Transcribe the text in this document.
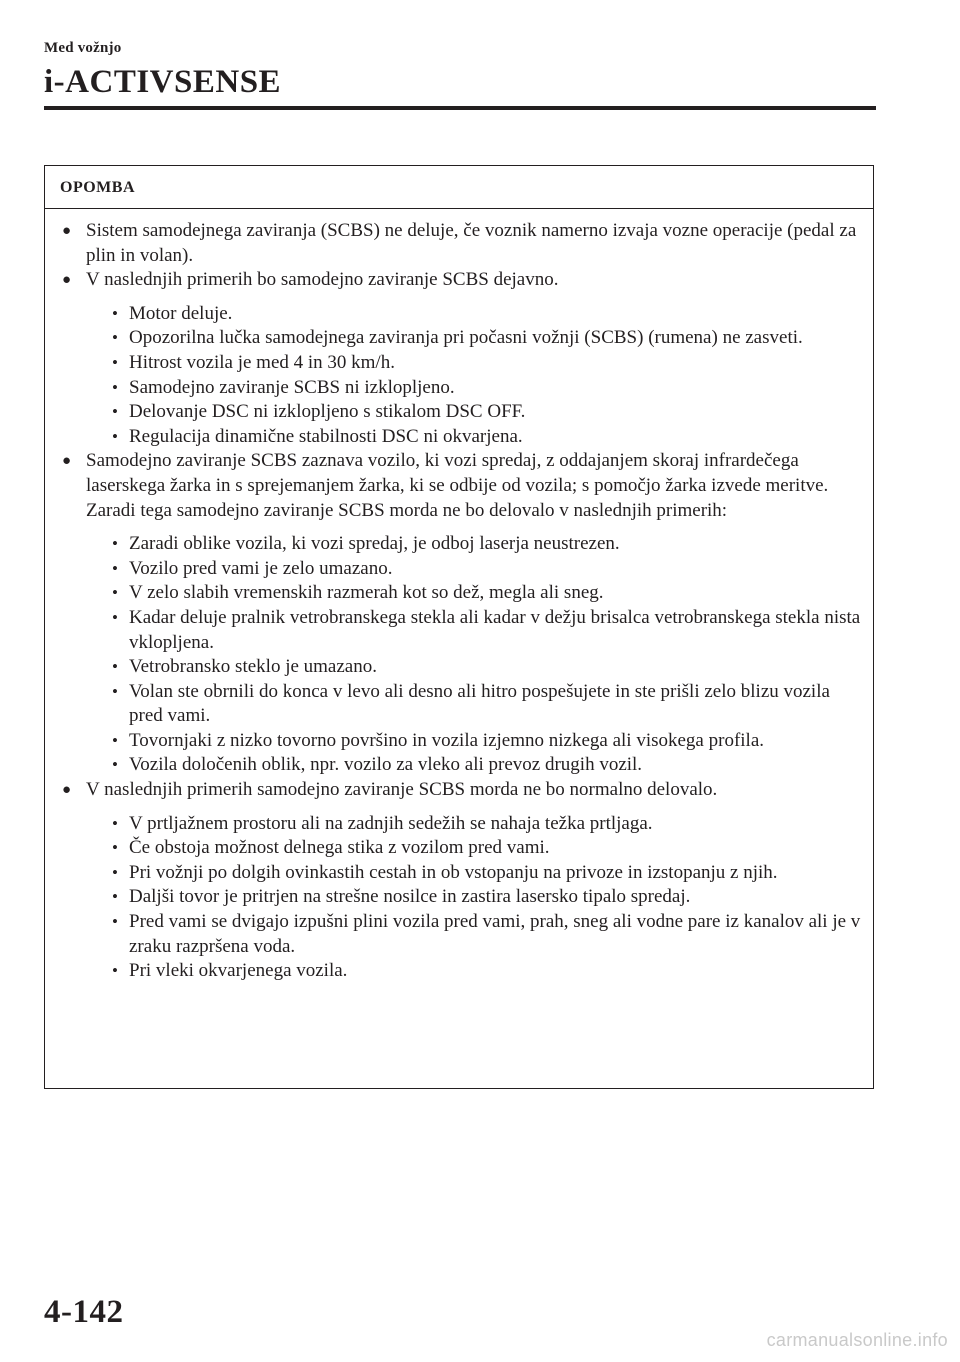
Med vožnjo
i-ACTIVSENSE
OPOMBA
● Sistem samodejnega zaviranja (SCBS) ne deluje, če voznik namerno izvaja vozne operacije (pedal za plin in volan).
● V naslednjih primerih bo samodejno zaviranje SCBS dejavno.
• Motor deluje.
• Opozorilna lučka samodejnega zaviranja pri počasni vožnji (SCBS) (rumena) ne zasveti.
• Hitrost vozila je med 4 in 30 km/h.
• Samodejno zaviranje SCBS ni izklopljeno.
• Delovanje DSC ni izklopljeno s stikalom DSC OFF.
• Regulacija dinamične stabilnosti DSC ni okvarjena.
● Samodejno zaviranje SCBS zaznava vozilo, ki vozi spredaj, z oddajanjem skoraj infrardečega laserskega žarka in s sprejemanjem žarka, ki se odbije od vozila; s pomočjo žarka izvede meritve. Zaradi tega samodejno zaviranje SCBS morda ne bo delovalo v naslednjih primerih:
• Zaradi oblike vozila, ki vozi spredaj, je odboj laserja neustrezen.
• Vozilo pred vami je zelo umazano.
• V zelo slabih vremenskih razmerah kot so dež, megla ali sneg.
• Kadar deluje pralnik vetrobranskega stekla ali kadar v dežju brisalca vetrobranskega stekla nista vklopljena.
• Vetrobransko steklo je umazano.
• Volan ste obrnili do konca v levo ali desno ali hitro pospešujete in ste prišli zelo blizu vozila pred vami.
• Tovornjaki z nizko tovorno površino in vozila izjemno nizkega ali visokega profila.
• Vozila določenih oblik, npr. vozilo za vleko ali prevoz drugih vozil.
● V naslednjih primerih samodejno zaviranje SCBS morda ne bo normalno delovalo.
• V prtljažnem prostoru ali na zadnjih sedežih se nahaja težka prtljaga.
• Če obstoja možnost delnega stika z vozilom pred vami.
• Pri vožnji po dolgih ovinkastih cestah in ob vstopanju na privoze in izstopanju z njih.
• Daljši tovor je pritrjen na strešne nosilce in zastira lasersko tipalo spredaj.
• Pred vami se dvigajo izpušni plini vozila pred vami, prah, sneg ali vodne pare iz kanalov ali je v zraku razpršena voda.
• Pri vleki okvarjenega vozila.
4-142
carmanualsonline.info
